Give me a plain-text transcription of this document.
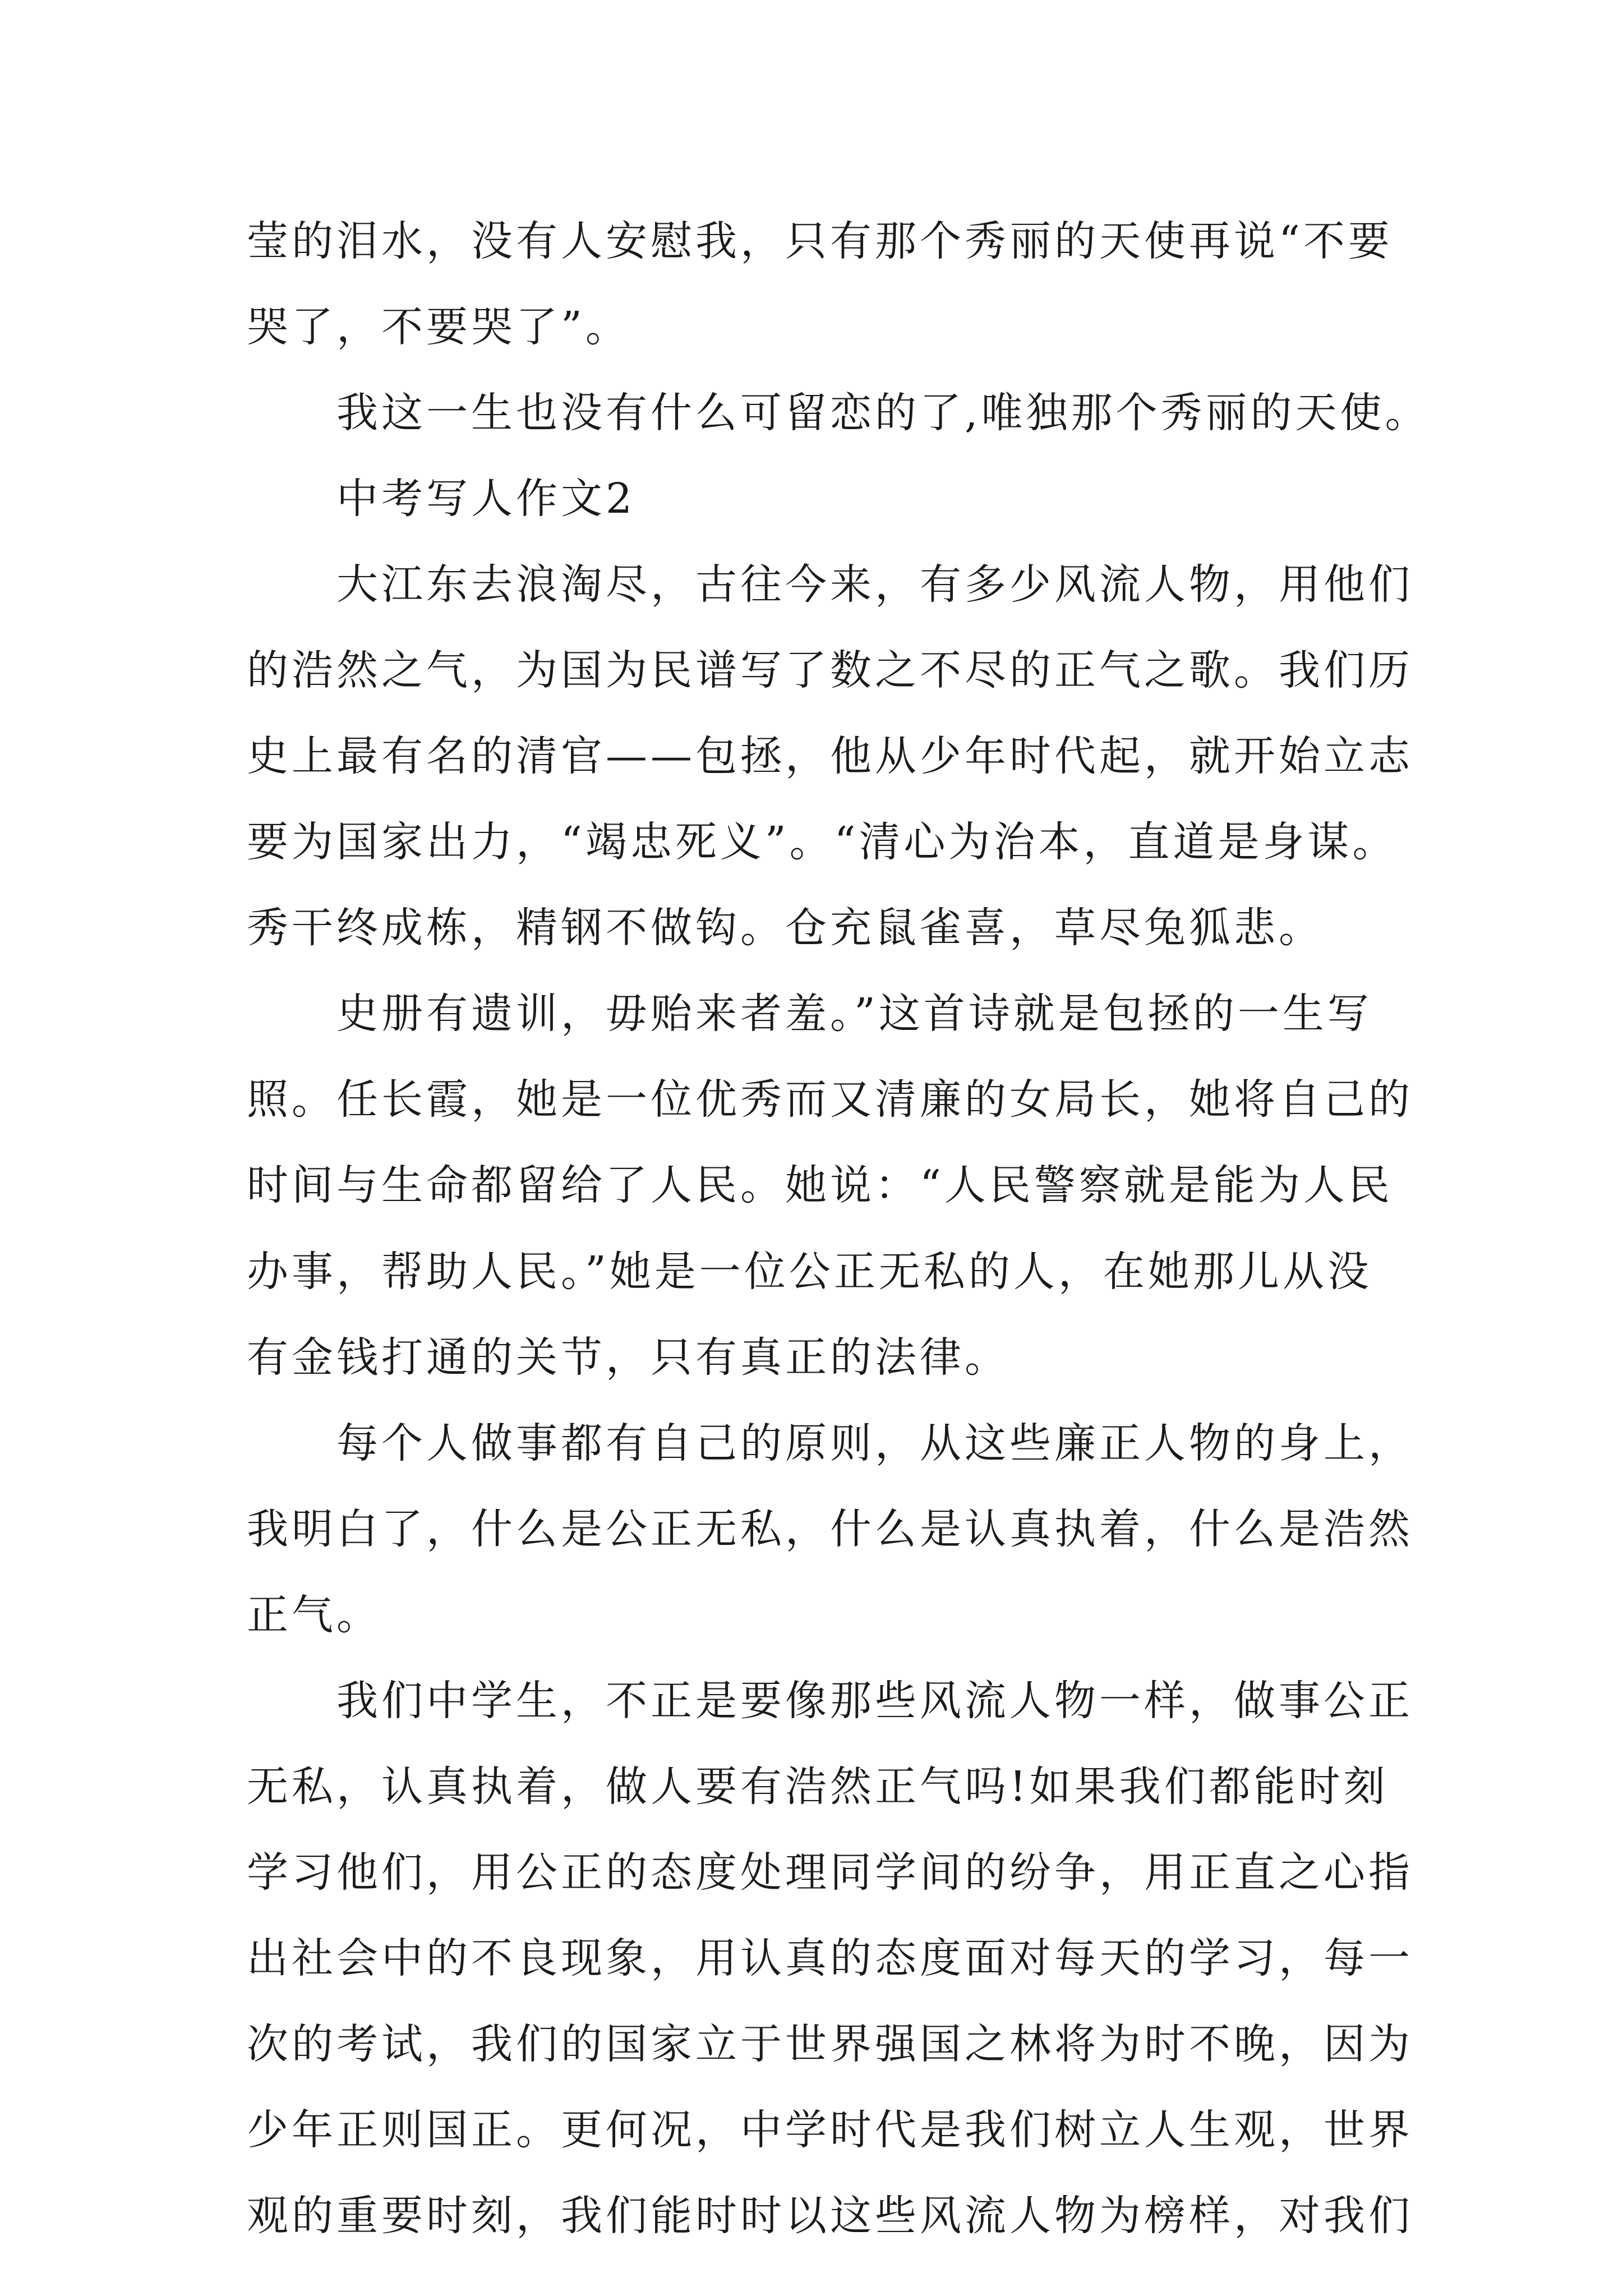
莹的泪水，没有人安慰我，只有那个秀丽的天使再说“不要
哭了，不要哭了”。
　　我这一生也没有什么可留恋的了,唯独那个秀丽的天使。
　　中考写人作文2
　　大江东去浪淘尽，古往今来，有多少风流人物，用他们
的浩然之气，为国为民谱写了数之不尽的正气之歌。我们历
史上最有名的清官——包拯，他从少年时代起，就开始立志
要为国家出力，“竭忠死义”。“清心为治本，直道是身谋。
秀干终成栋，精钢不做钩。仓充鼠雀喜，草尽兔狐悲。
　　史册有遗训，毋贻来者羞。”这首诗就是包拯的一生写
照。任长霞，她是一位优秀而又清廉的女局长，她将自己的
时间与生命都留给了人民。她说：“人民警察就是能为人民
办事，帮助人民。”她是一位公正无私的人，在她那儿从没
有金钱打通的关节，只有真正的法律。
　　每个人做事都有自己的原则，从这些廉正人物的身上，
我明白了，什么是公正无私，什么是认真执着，什么是浩然
正气。
　　我们中学生，不正是要像那些风流人物一样，做事公正
无私，认真执着，做人要有浩然正气吗!如果我们都能时刻
学习他们，用公正的态度处理同学间的纷争，用正直之心指
出社会中的不良现象，用认真的态度面对每天的学习，每一
次的考试，我们的国家立于世界强国之林将为时不晚，因为
少年正则国正。更何况，中学时代是我们树立人生观，世界
观的重要时刻，我们能时时以这些风流人物为榜样，对我们
